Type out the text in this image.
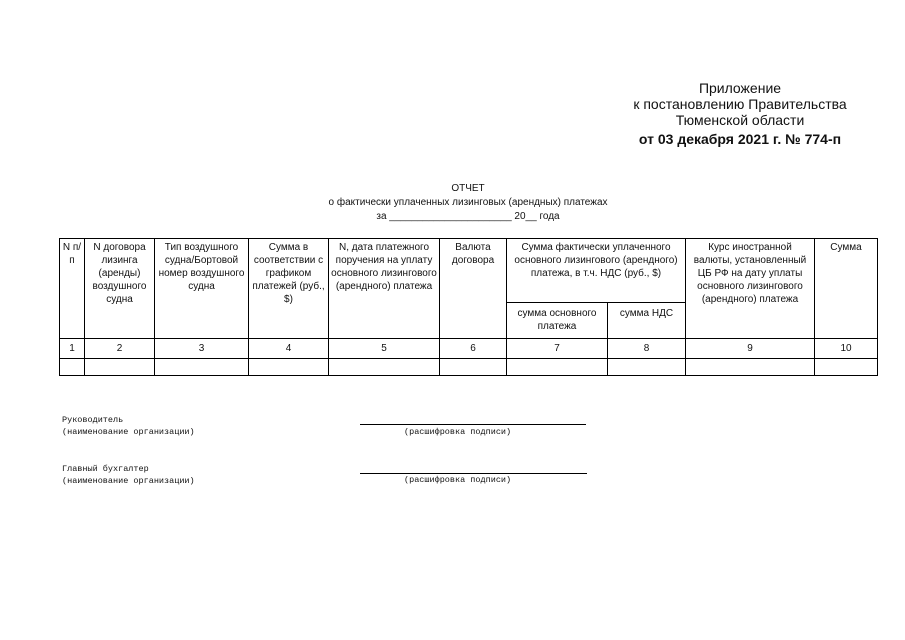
Приложение
к постановлению Правительства
Тюменской области
от 03 декабря 2021 г. № 774-п
ОТЧЕТ
о фактически уплаченных лизинговых (арендных) платежах
за ______________________ 20__ года
N п/п	N договора лизинга (аренды) воздушного судна	Тип воздушного судна/Бортовой номер воздушного судна	Сумма в соответствии с графиком платежей (руб., $)	N, дата платежного поручения на уплату основного лизингового (арендного) платежа	Валюта договора	Сумма фактически уплаченного основного лизингового (арендного) платежа, в т.ч. НДС (руб., $)		Курс иностранной валюты, установленный ЦБ РФ на дату уплаты основного лизингового (арендного) платежа	Сумма
						сумма основного платежа	сумма НДС		
1	2	3	4	5	6	7	8	9	10

Руководитель
(наименование организации)	(расшифровка подписи)
Главный бухгалтер
(наименование организации)	(расшифровка подписи)
